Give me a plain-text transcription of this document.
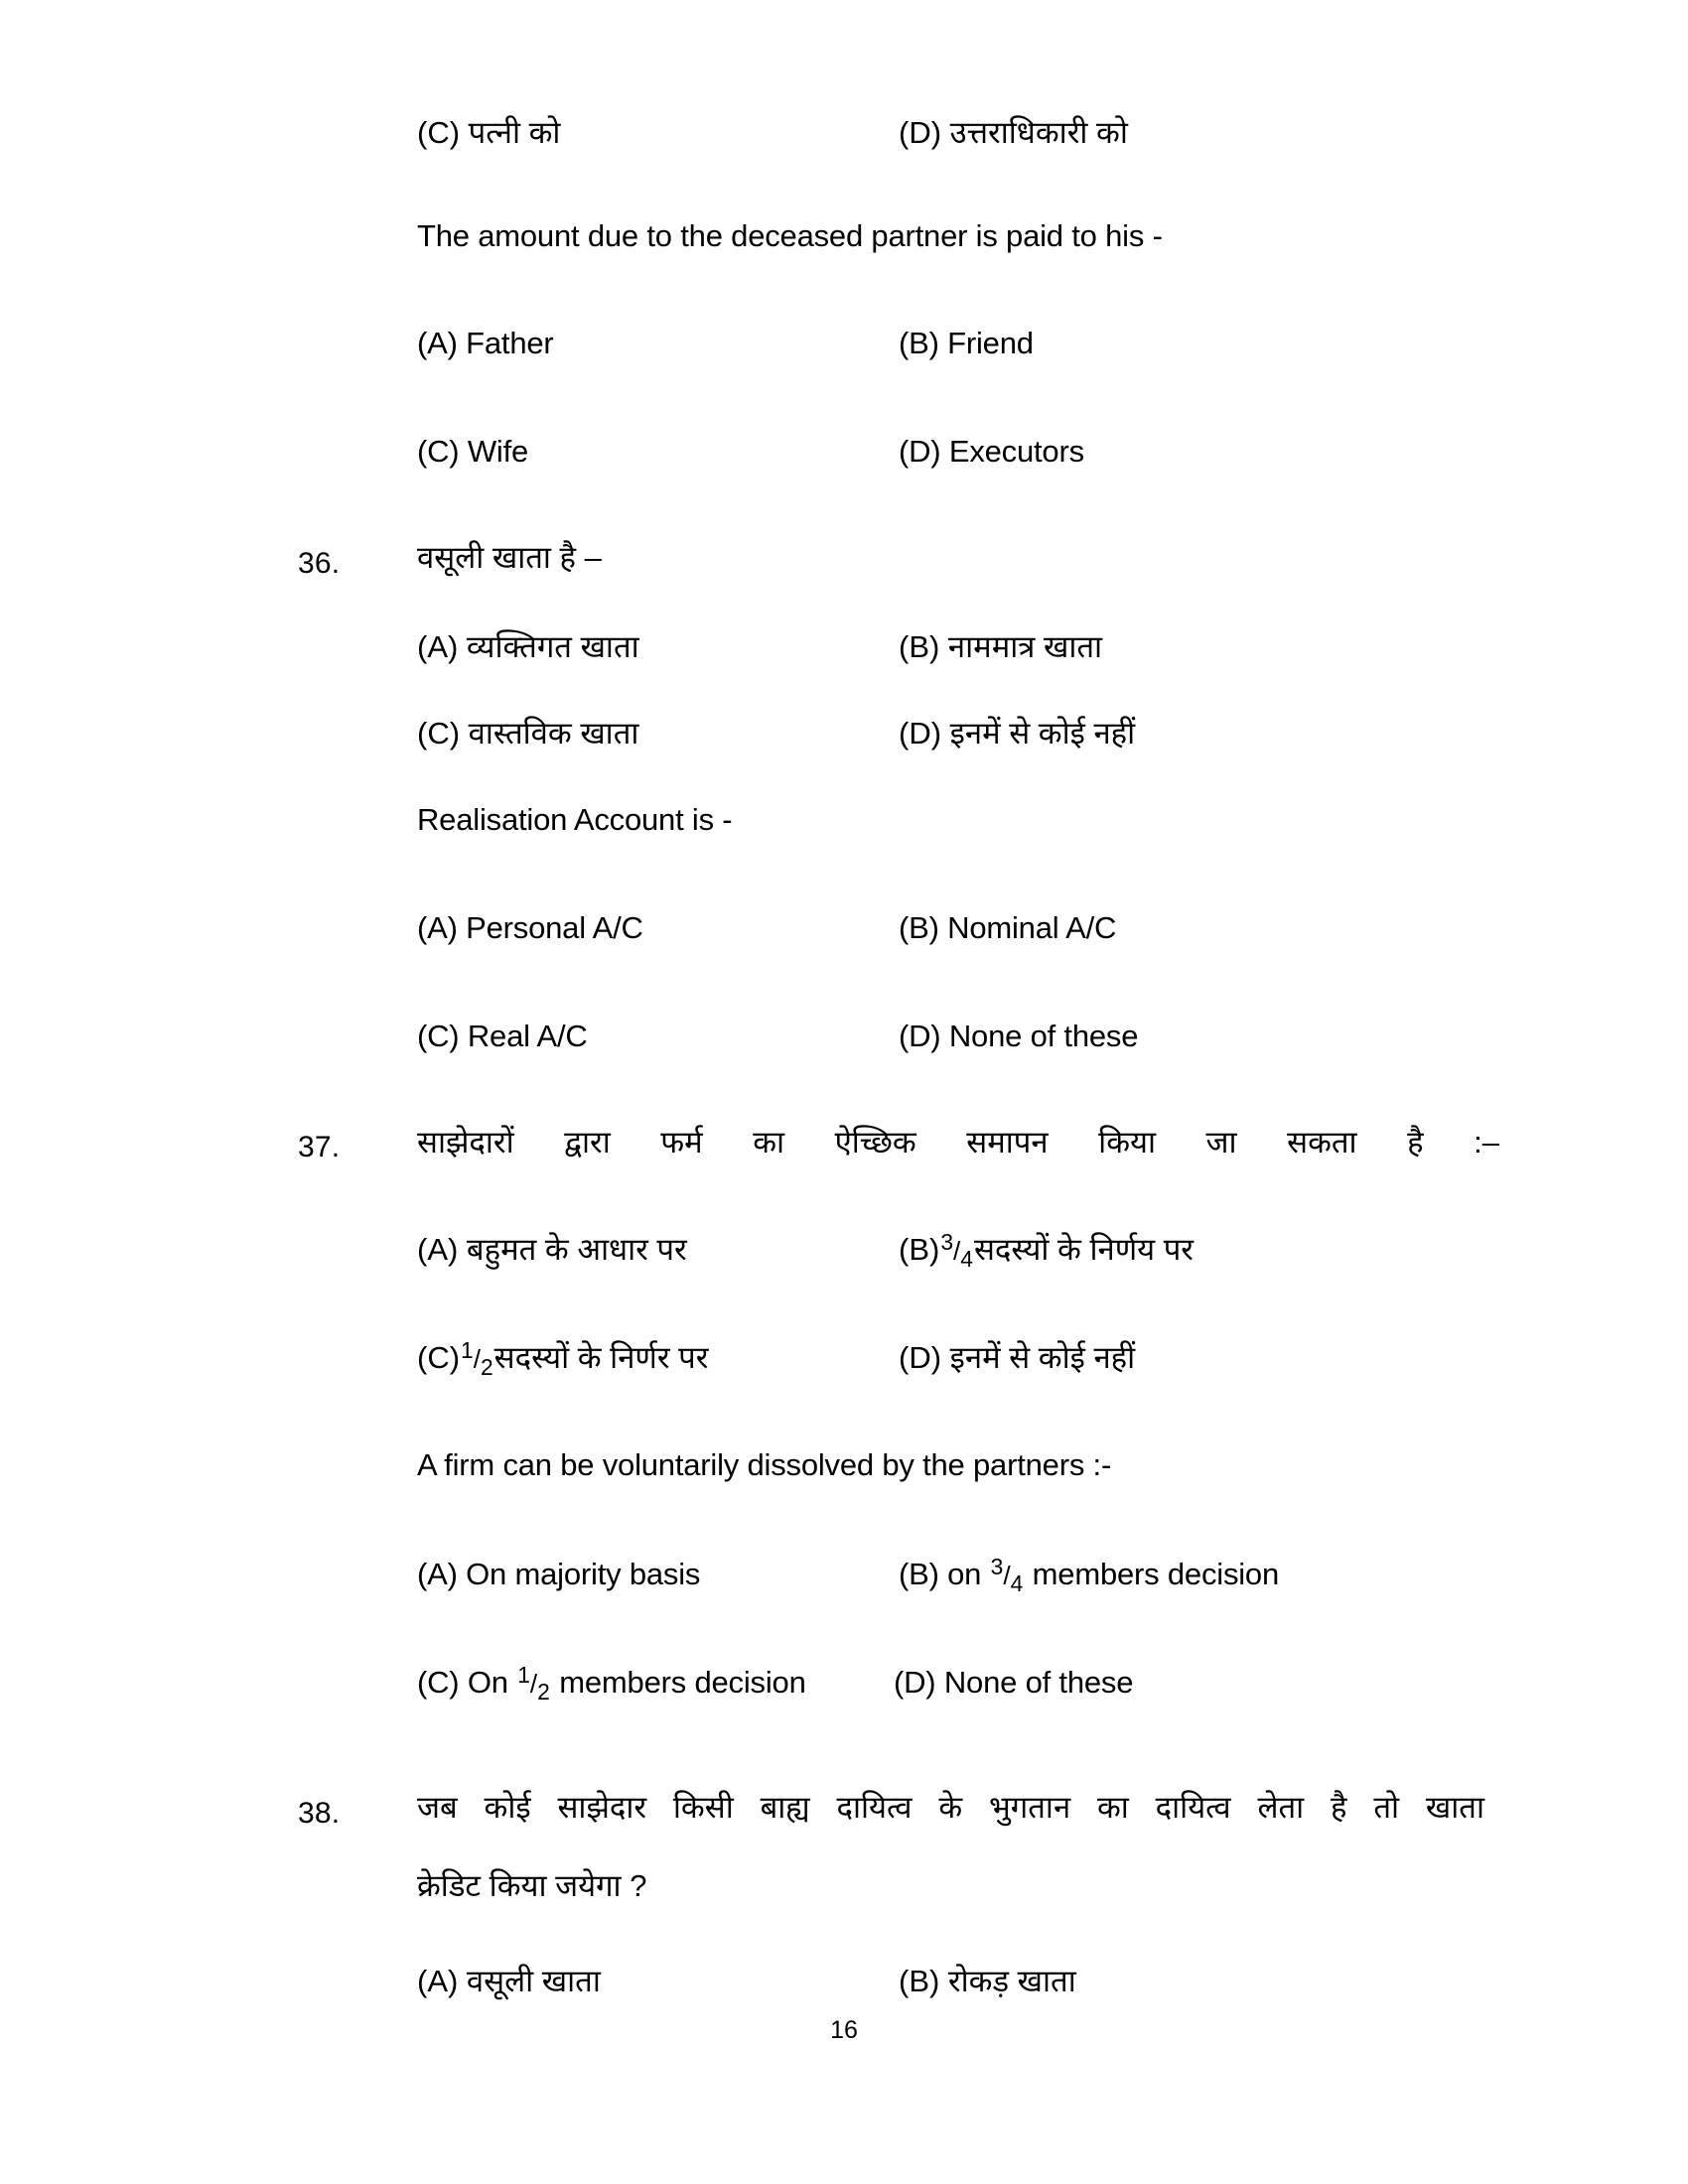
(C) पत्नी को	(D) उत्तराधिकारी को
The amount due to the deceased partner is paid to his -
(A) Father	(B) Friend
(C) Wife	(D) Executors
36.	वसूली खाता है –
(A) व्यक्तिगत खाता	(B) नाममात्र खाता
(C) वास्तविक खाता	(D) इनमें से कोई नहीं
Realisation Account is -
(A) Personal A/C	(B) Nominal A/C
(C) Real A/C	(D) None of these
37.	साझेदारों द्वारा फर्म का ऐच्छिक समापन किया जा सकता है :–
(A) बहुमत के आधार पर	(B)3/4सदस्यों के निर्णय पर
(C)1/2सदस्यों के निर्णर पर	(D) इनमें से कोई नहीं
A firm can be voluntarily dissolved by the partners :-
(A) On majority basis	(B) on 3/4 members decision
(C) On 1/2 members decision	(D) None of these
38.	जब कोई साझेदार किसी बाह्य दायित्व के भुगतान का दायित्व लेता है तो खाता
क्रेडिट किया जयेगा ?
(A) वसूली खाता	(B) रोकड़ खाता
16
